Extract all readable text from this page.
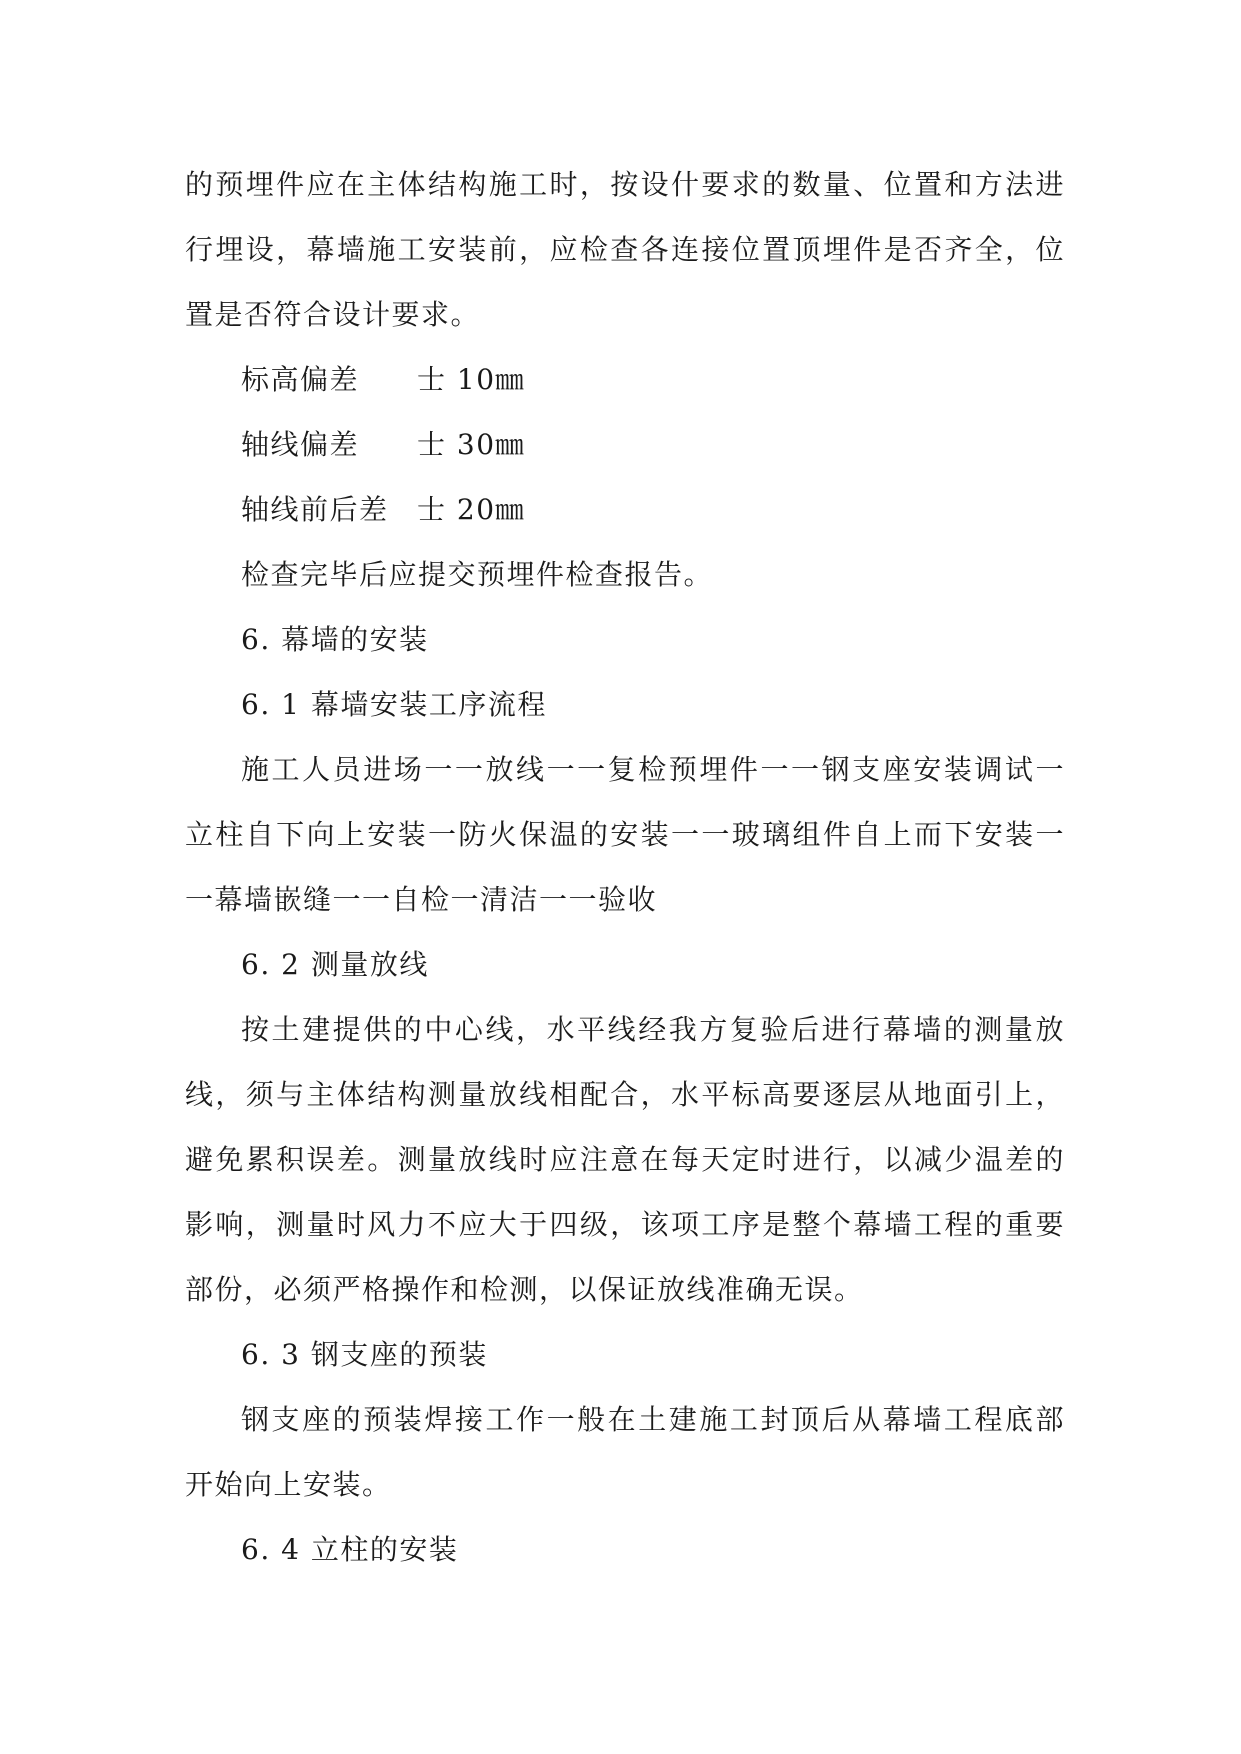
的预埋件应在主体结构施工时，按设什要求的数量、位置和方法进行埋设，幕墙施工安装前，应检查各连接位置顶埋件是否齐全，位置是否符合设计要求。

标高偏差	士 10㎜
轴线偏差	士 30㎜
轴线前后差	士 20㎜

检查完毕后应提交预埋件检查报告。

6. 幕墙的安装

6. 1 幕墙安装工序流程

施工人员进场一一放线一一复检预埋件一一钢支座安装调试一立柱自下向上安装一防火保温的安装一一玻璃组件自上而下安装一一幕墙嵌缝一一自检一清洁一一验收

6. 2 测量放线

按土建提供的中心线，水平线经我方复验后进行幕墙的测量放线，须与主体结构测量放线相配合，水平标高要逐层从地面引上，避免累积误差。测量放线时应注意在每天定时进行，以减少温差的影响，测量时风力不应大于四级，该项工序是整个幕墙工程的重要部份，必须严格操作和检测，以保证放线准确无误。

6. 3 钢支座的预装

钢支座的预装焊接工作一般在土建施工封顶后从幕墙工程底部开始向上安装。

6. 4 立柱的安装
